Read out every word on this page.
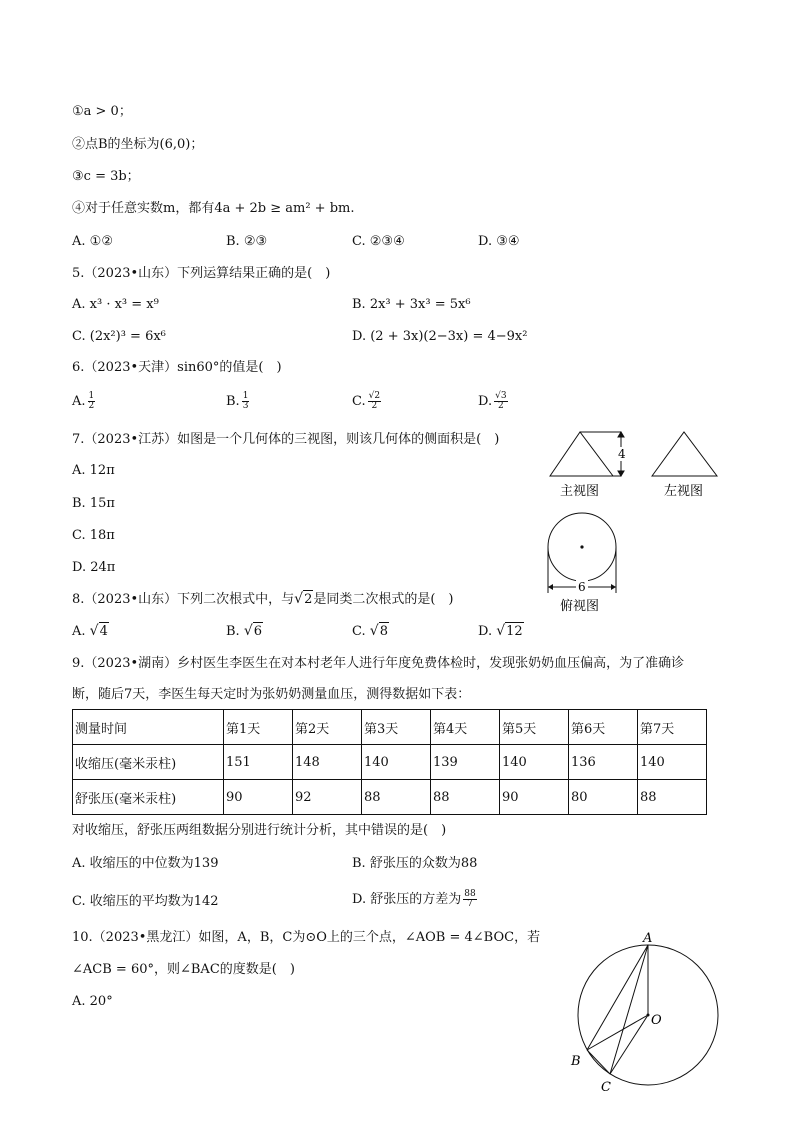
①a > 0；
②点B的坐标为(6,0)；
③c = 3b；
④对于任意实数m，都有4a + 2b ≥ am² + bm.
A. ①②	B. ②③	C. ②③④	D. ③④
5.（2023•山东）下列运算结果正确的是(　)
A. x³ · x³ = x⁹	B. 2x³ + 3x³ = 5x⁶
C. (2x²)³ = 6x⁶	D. (2 + 3x)(2−3x) = 4−9x²
6.（2023•天津）sin60°的值是(　)
A. $\frac{1}{2}$	B. $\frac{1}{3}$	C. $\frac{√2}{2}$	D. $\frac{√3}{2}$
7.（2023•江苏）如图是一个几何体的三视图，则该几何体的侧面积是(　)
A. 12π
B. 15π
C. 18π
D. 24π
4
主视图	左视图
6
俯视图
8.（2023•山东）下列二次根式中，与√2是同类二次根式的是(　)
A. √4	B. √6	C. √8	D. √12
9.（2023•湖南）乡村医生李医生在对本村老年人进行年度免费体检时，发现张奶奶血压偏高，为了准确诊
断，随后7天，李医生每天定时为张奶奶测量血压，测得数据如下表：
测量时间	第1天	第2天	第3天	第4天	第5天	第6天	第7天
收缩压(毫米汞柱)	151	148	140	139	140	136	140
舒张压(毫米汞柱)	90	92	88	88	90	80	88
对收缩压，舒张压两组数据分别进行统计分析，其中错误的是(　)
A. 收缩压的中位数为139	B. 舒张压的众数为88
C. 收缩压的平均数为142	D. 舒张压的方差为 $\frac{88}{7}$
10.（2023•黑龙江）如图，A，B，C为⊙O上的三个点，∠AOB = 4∠BOC，若
∠ACB = 60°，则∠BAC的度数是(　)
A. 20°
A
O
B
C
